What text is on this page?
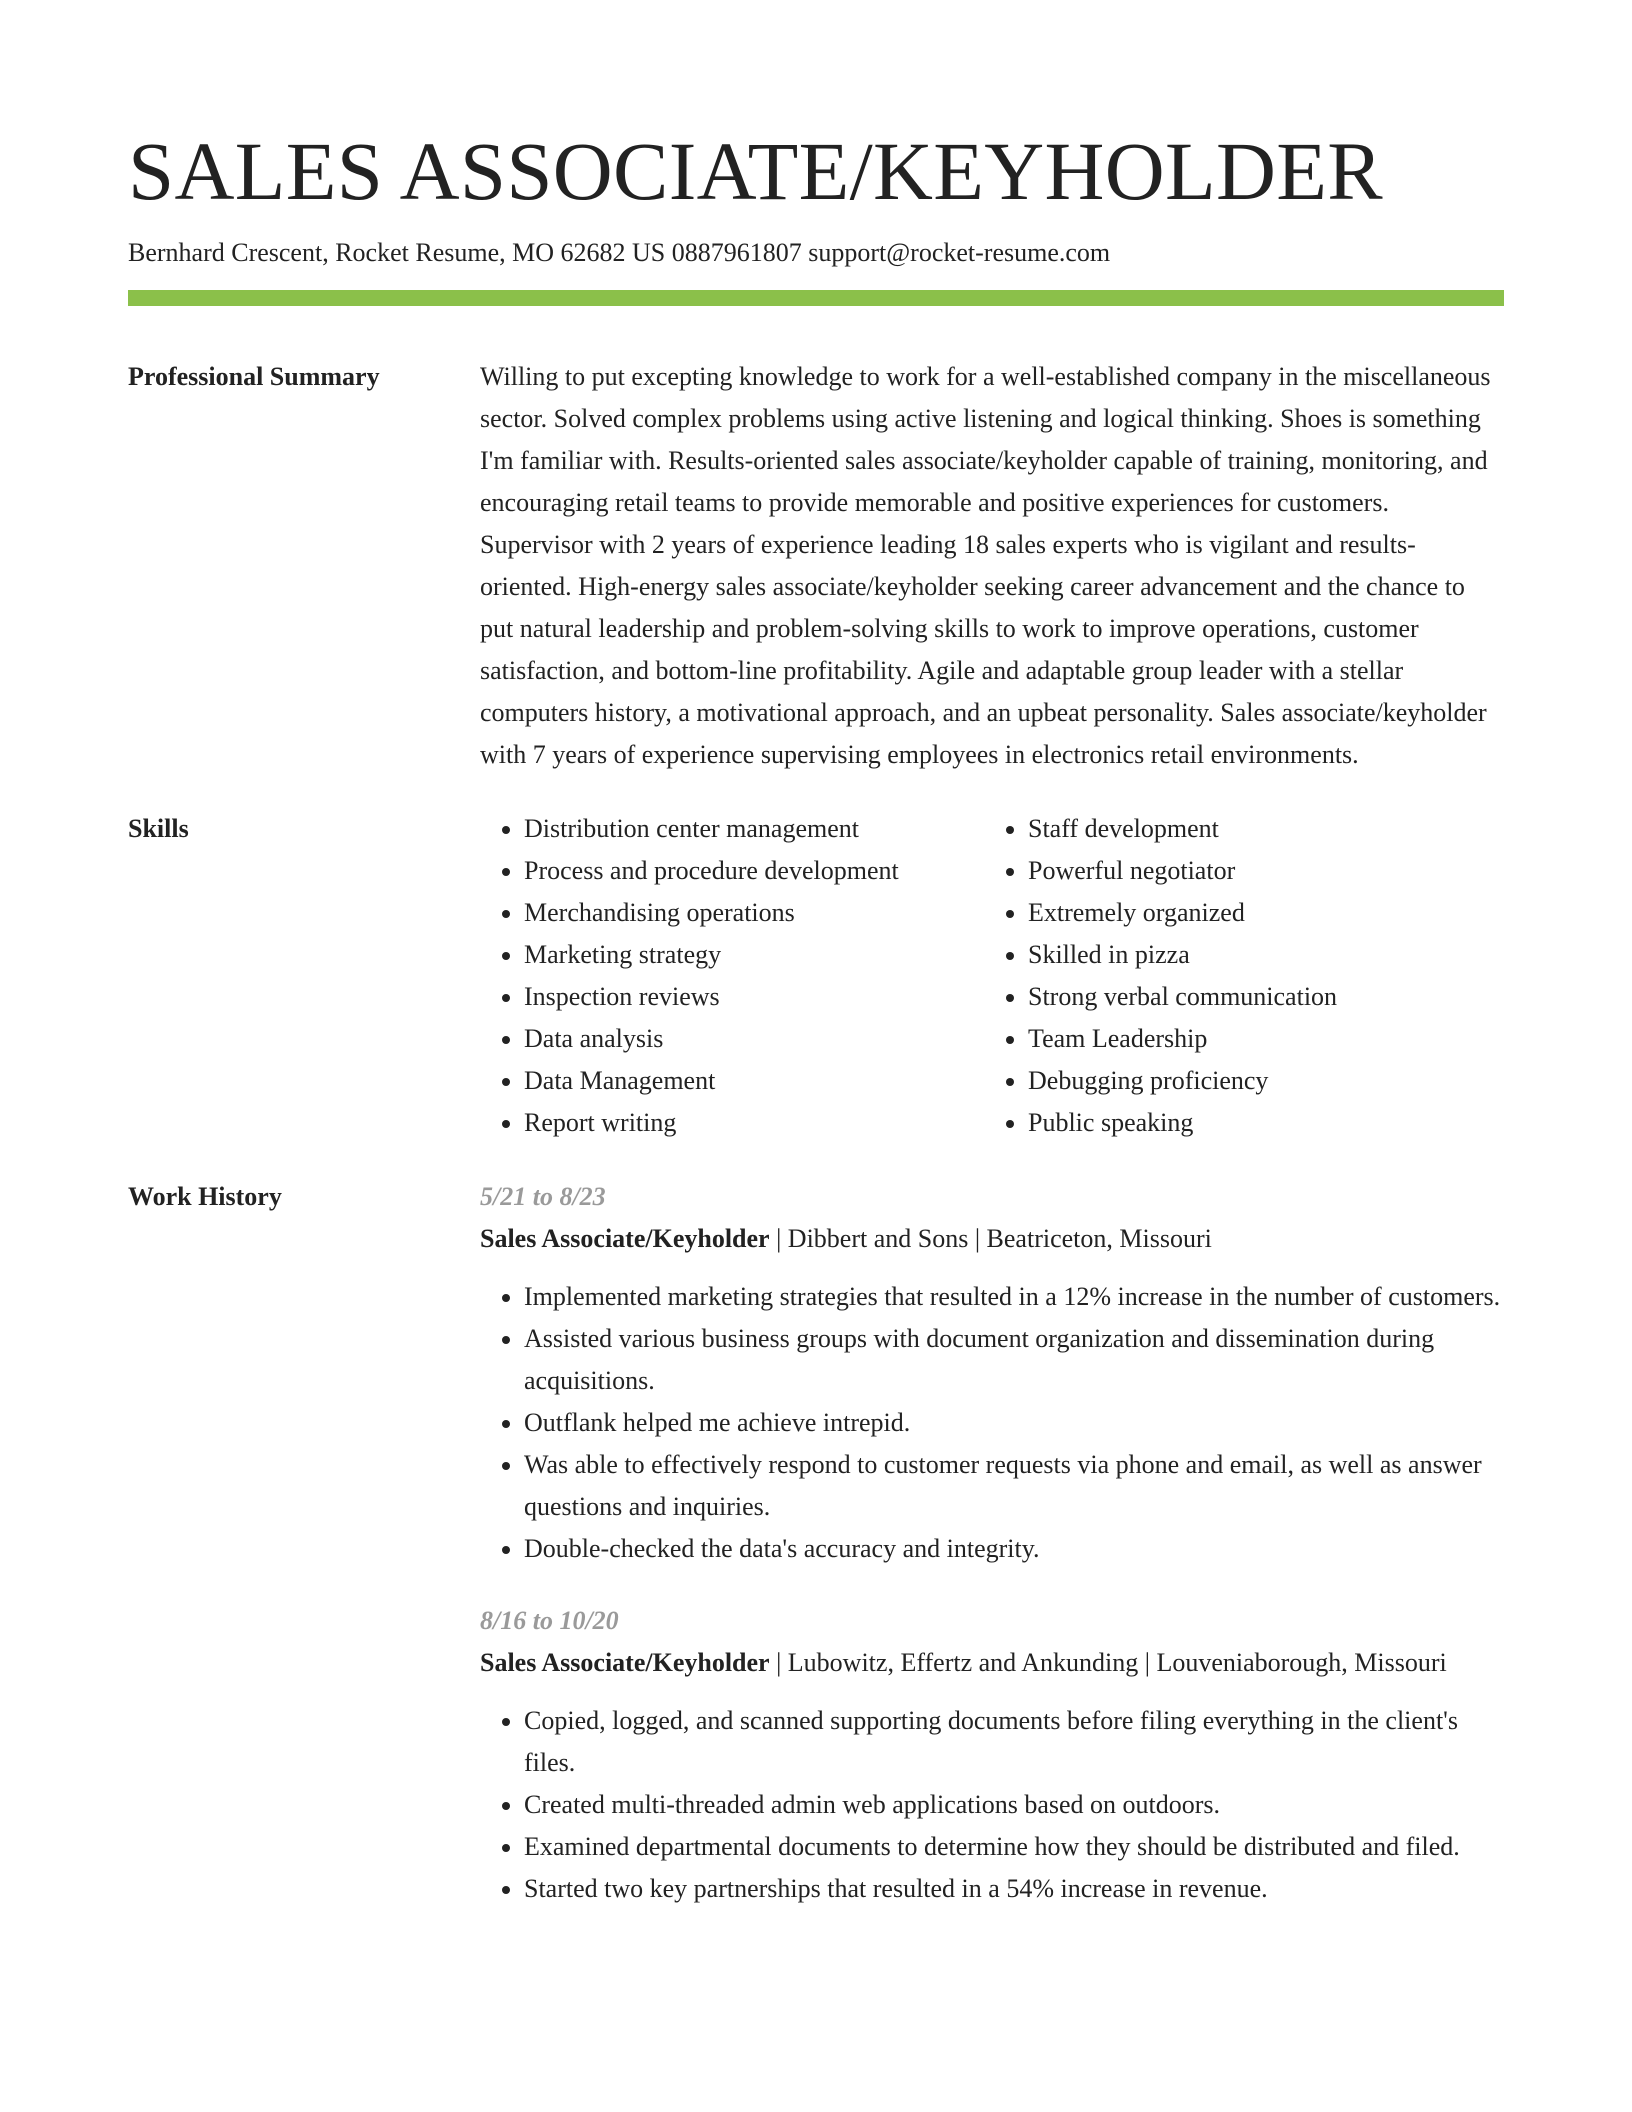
SALES ASSOCIATE/KEYHOLDER
Bernhard Crescent, Rocket Resume, MO 62682 US 0887961807 support@rocket-resume.com
Professional Summary	Willing to put excepting knowledge to work for a well-established company in the miscellaneous sector. Solved complex problems using active listening and logical thinking. Shoes is something I'm familiar with. Results-oriented sales associate/keyholder capable of training, monitoring, and encouraging retail teams to provide memorable and positive experiences for customers. Supervisor with 2 years of experience leading 18 sales experts who is vigilant and results-oriented. High-energy sales associate/keyholder seeking career advancement and the chance to put natural leadership and problem-solving skills to work to improve operations, customer satisfaction, and bottom-line profitability. Agile and adaptable group leader with a stellar computers history, a motivational approach, and an upbeat personality. Sales associate/keyholder with 7 years of experience supervising employees in electronics retail environments.

Skills
•	Distribution center management
• Process and procedure development
• Merchandising operations
• Marketing strategy
• Inspection reviews
• Data analysis
• Data Management
• Report writing
• Staff development
• Powerful negotiator
• Extremely organized
• Skilled in pizza
• Strong verbal communication
• Team Leadership
• Debugging proficiency
• Public speaking
Work History	5/21 to 8/23
Sales Associate/Keyholder | Dibbert and Sons | Beatriceton, Missouri
• Implemented marketing strategies that resulted in a 12% increase in the number of customers.
• Assisted various business groups with document organization and dissemination during acquisitions.
• Outflank helped me achieve intrepid.
• Was able to effectively respond to customer requests via phone and email, as well as answer questions and inquiries.
• Double-checked the data's accuracy and integrity.
8/16 to 10/20
Sales Associate/Keyholder | Lubowitz, Effertz and Ankunding | Louveniaborough, Missouri
• Copied, logged, and scanned supporting documents before filing everything in the client's files.
• Created multi-threaded admin web applications based on outdoors.
• Examined departmental documents to determine how they should be distributed and filed.
• Started two key partnerships that resulted in a 54% increase in revenue.
